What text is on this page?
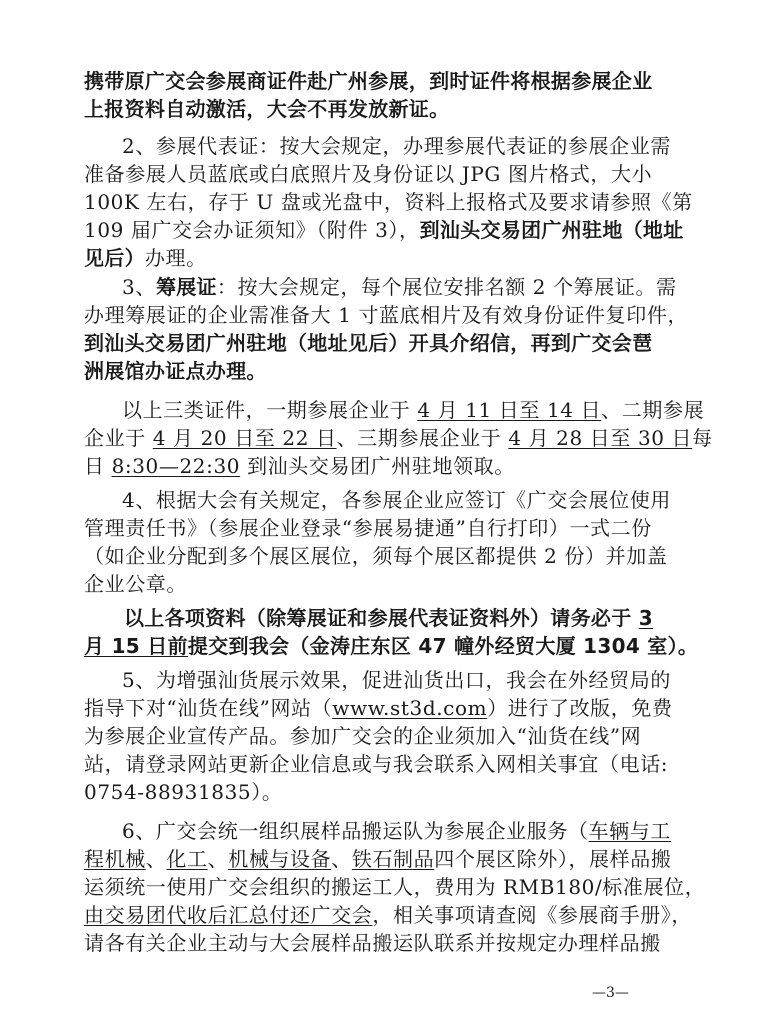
携带原广交会参展商证件赴广州参展，到时证件将根据参展企业
上报资料自动激活，大会不再发放新证。
2、参展代表证：按大会规定，办理参展代表证的参展企业需
准备参展人员蓝底或白底照片及身份证以 JPG 图片格式，大小
100K 左右，存于 U 盘或光盘中，资料上报格式及要求请参照《第
109 届广交会办证须知》（附件 3），到汕头交易团广州驻地（地址
见后）办理。
3、筹展证：按大会规定，每个展位安排名额 2 个筹展证。需
办理筹展证的企业需准备大 1 寸蓝底相片及有效身份证件复印件，
到汕头交易团广州驻地（地址见后）开具介绍信，再到广交会琶
洲展馆办证点办理。
以上三类证件，一期参展企业于 4 月 11 日至 14 日、二期参展
企业于 4 月 20 日至 22 日、三期参展企业于 4 月 28 日至 30 日每
日 8:30—22:30 到汕头交易团广州驻地领取。
4、根据大会有关规定，各参展企业应签订《广交会展位使用
管理责任书》（参展企业登录“参展易捷通”自行打印）一式二份
（如企业分配到多个展区展位，须每个展区都提供 2 份）并加盖
企业公章。
以上各项资料（除筹展证和参展代表证资料外）请务必于 3
月 15 日前提交到我会（金涛庄东区 47 幢外经贸大厦 1304 室）。
5、为增强汕货展示效果，促进汕货出口，我会在外经贸局的
指导下对“汕货在线”网站（www.st3d.com）进行了改版，免费
为参展企业宣传产品。参加广交会的企业须加入“汕货在线”网
站，请登录网站更新企业信息或与我会联系入网相关事宜（电话:
0754-88931835）。
6、广交会统一组织展样品搬运队为参展企业服务（车辆与工
程机械、化工、机械与设备、铁石制品四个展区除外），展样品搬
运须统一使用广交会组织的搬运工人，费用为 RMB180/标准展位，
由交易团代收后汇总付还广交会，相关事项请查阅《参展商手册》，
请各有关企业主动与大会展样品搬运队联系并按规定办理样品搬
—3—
